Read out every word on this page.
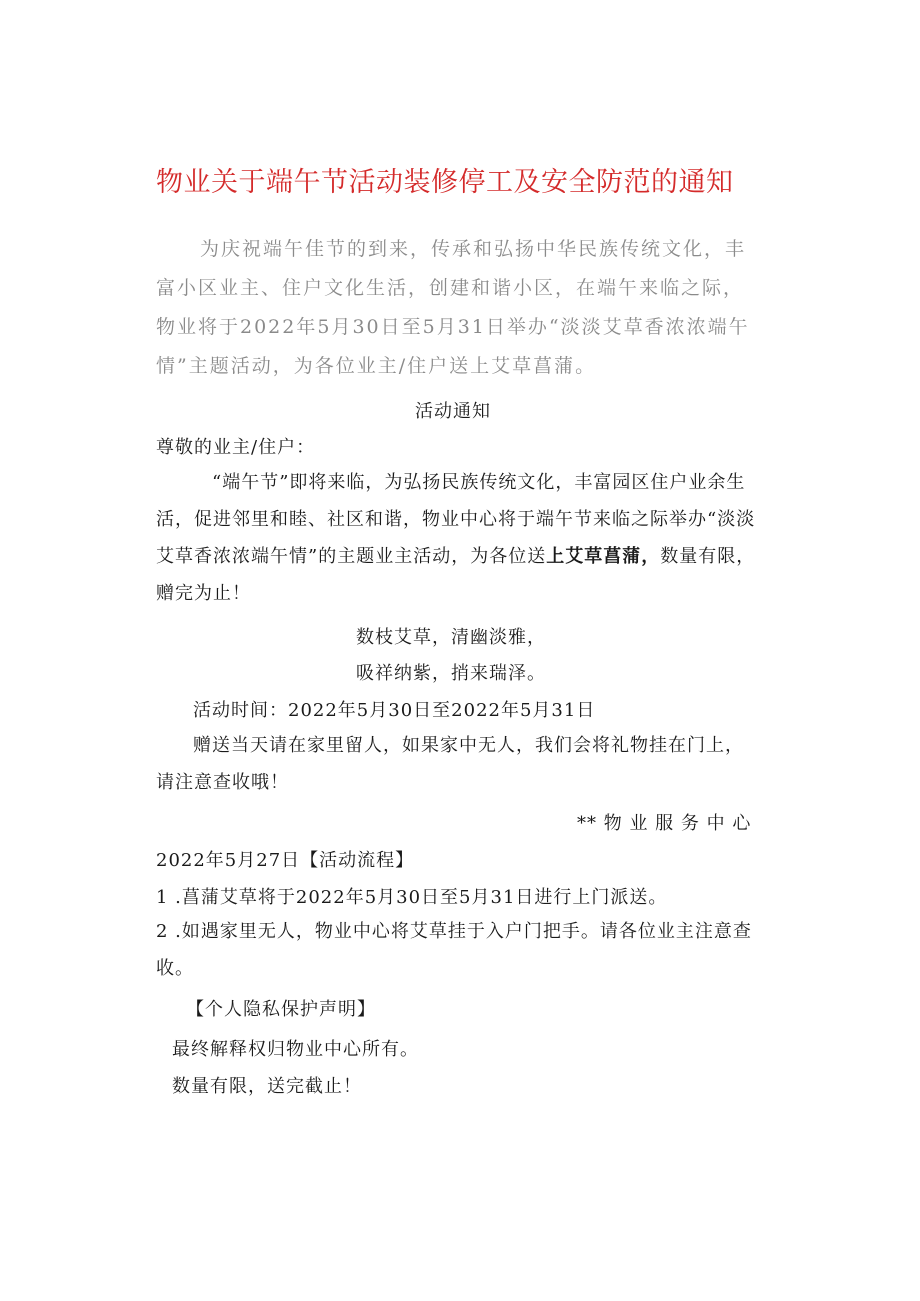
物业关于端午节活动装修停工及安全防范的通知
为庆祝端午佳节的到来，传承和弘扬中华民族传统文化，丰富小区业主、住户文化生活，创建和谐小区，在端午来临之际，物业将于2022年5月30日至5月31日举办“淡淡艾草香浓浓端午情”主题活动，为各位业主/住户送上艾草菖蒲。
活动通知
尊敬的业主/住户：
“端午节”即将来临，为弘扬民族传统文化，丰富园区住户业余生活，促进邻里和睦、社区和谐，物业中心将于端午节来临之际举办“淡淡艾草香浓浓端午情”的主题业主活动，为各位送上艾草菖蒲，数量有限，赠完为止！
数枝艾草，清幽淡雅，
吸祥纳紫，捎来瑞泽。
活动时间：2022年5月30日至2022年5月31日
赠送当天请在家里留人，如果家中无人，我们会将礼物挂在门上，请注意查收哦！
** 物 业 服 务 中 心
2022年5月27日【活动流程】
1 .菖蒲艾草将于2022年5月30日至5月31日进行上门派送。
2 .如遇家里无人，物业中心将艾草挂于入户门把手。请各位业主注意查收。
【个人隐私保护声明】
最终解释权归物业中心所有。
数量有限，送完截止！
